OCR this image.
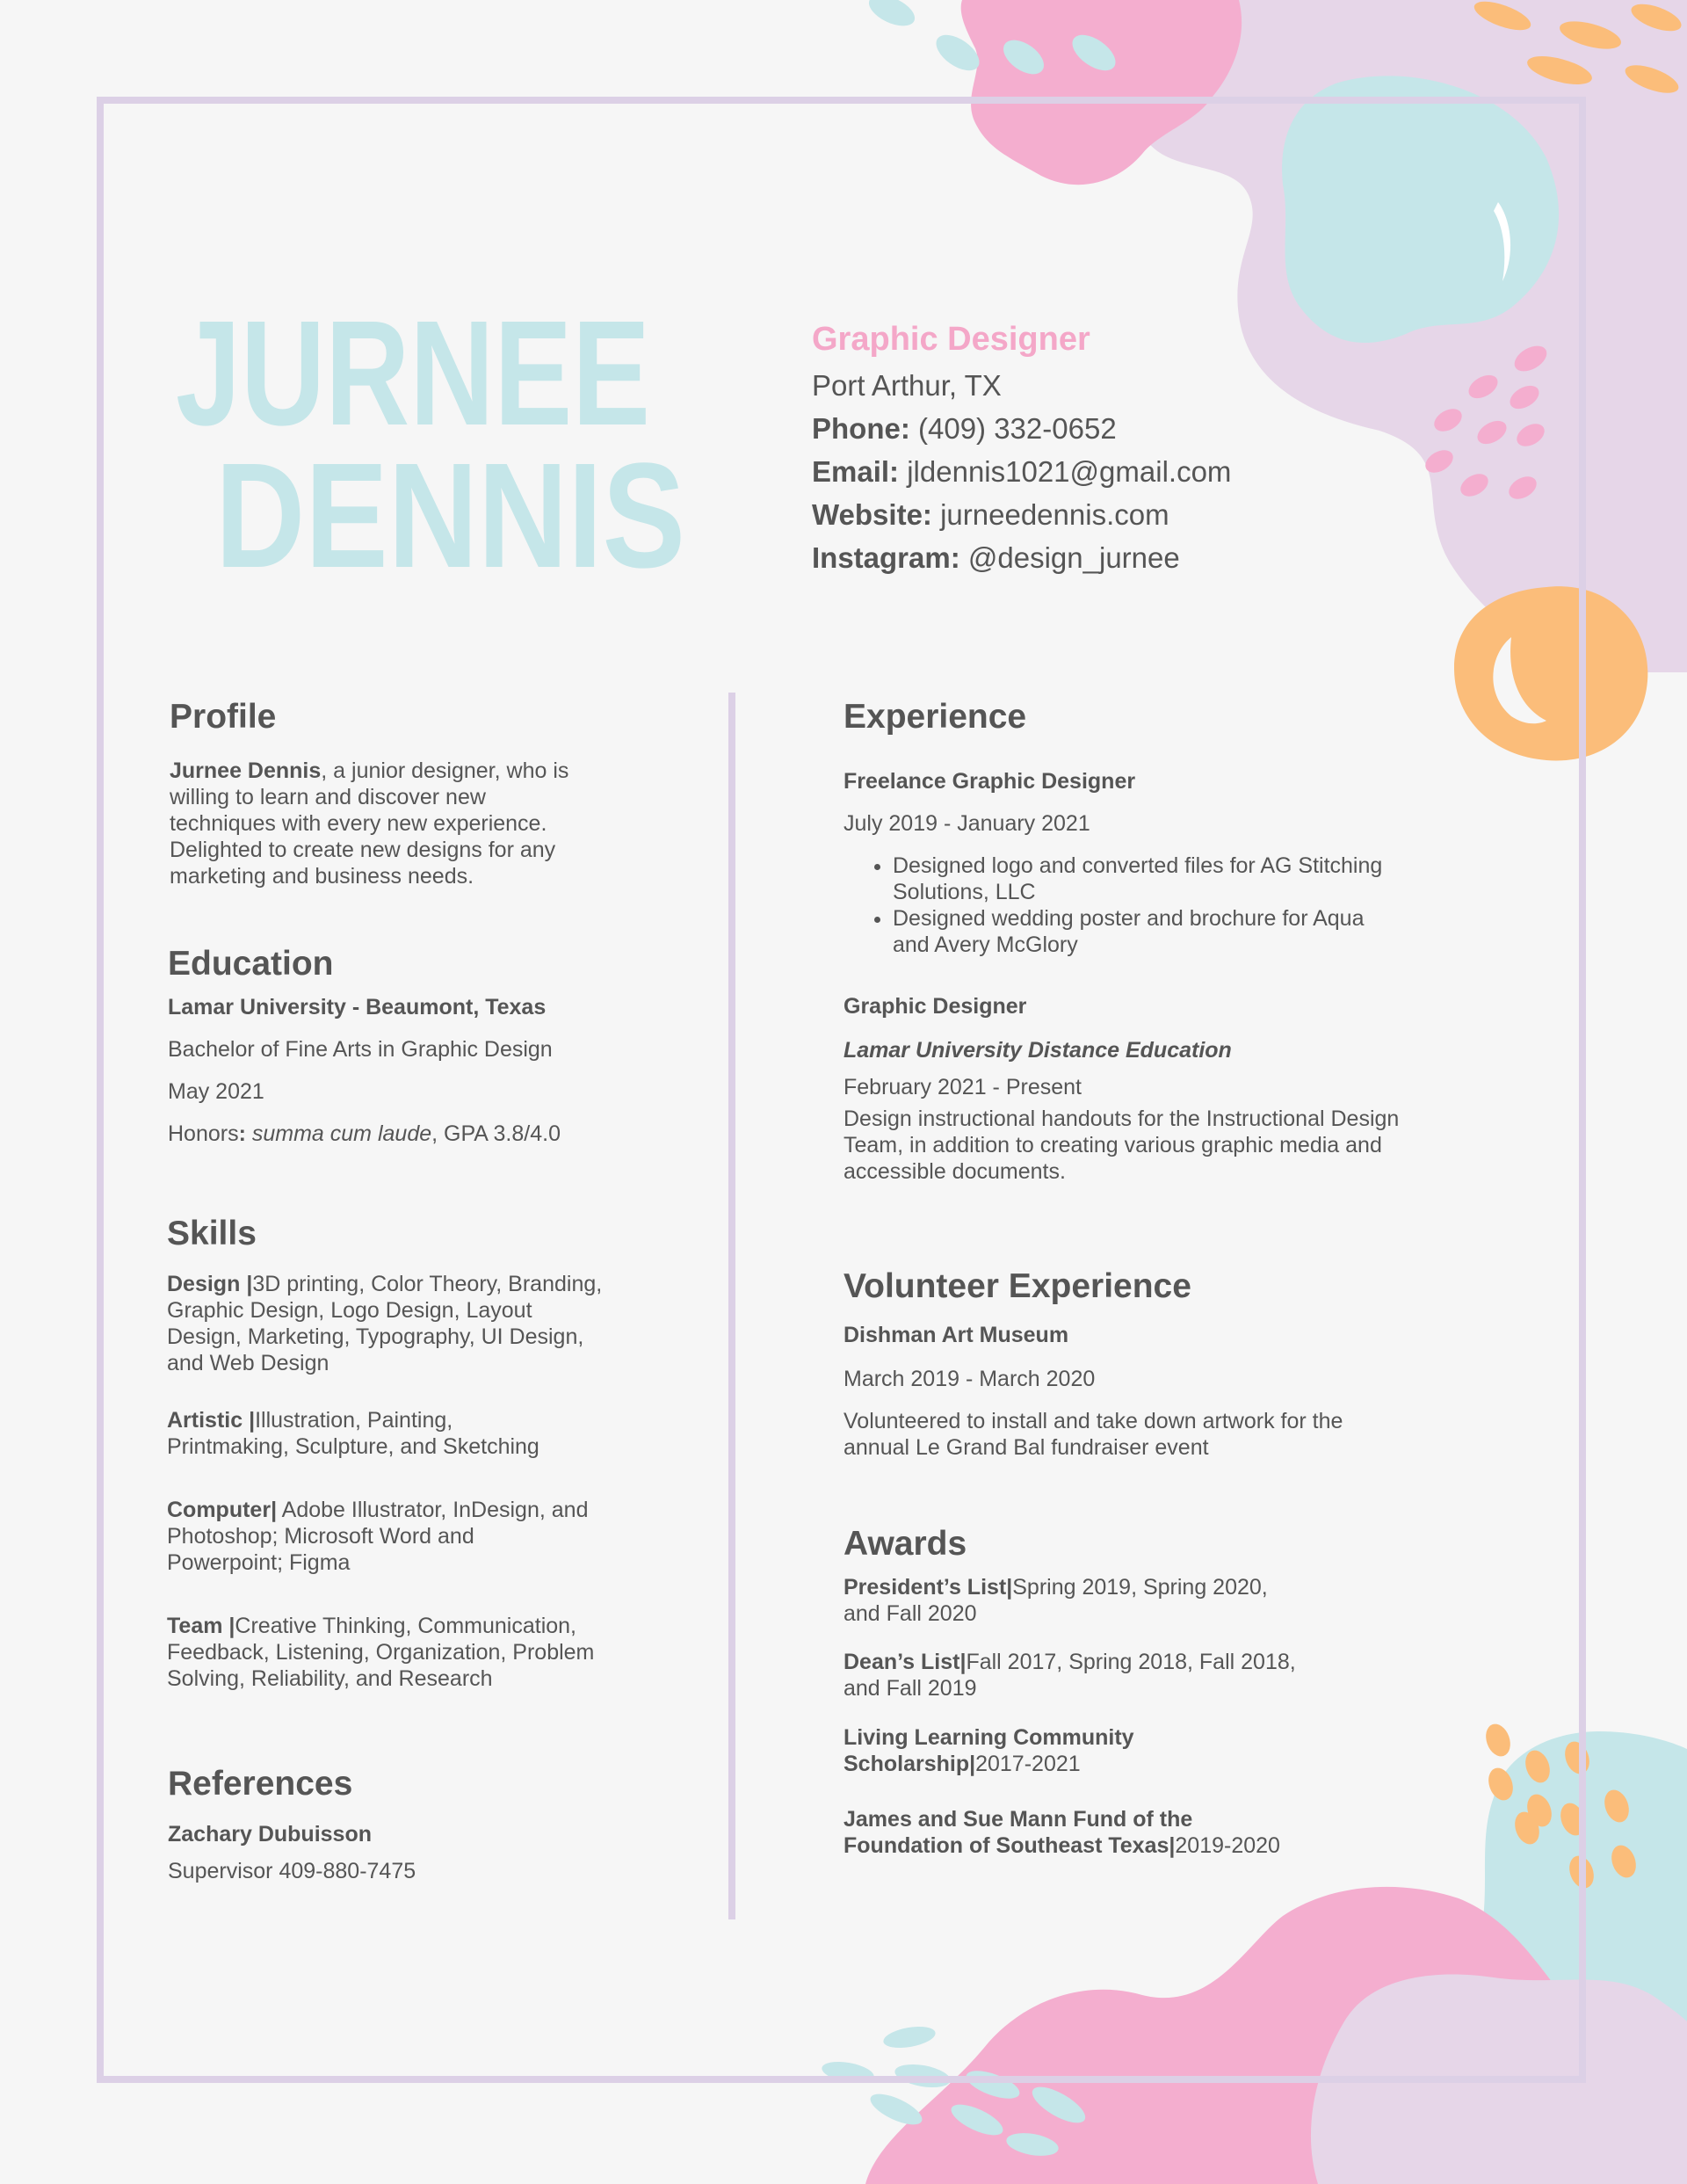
JURNEE
DENNIS
Graphic Designer
Port Arthur, TX
Phone: (409) 332-0652
Email: jldennis1021@gmail.com
Website: jurneedennis.com
Instagram: @design_jurnee
Profile
Jurnee Dennis, a junior designer, who is
willing to learn and discover new
techniques with every new experience.
Delighted to create new designs for any
marketing and business needs.
Education
Lamar University - Beaumont, Texas
Bachelor of Fine Arts in Graphic Design
May 2021
Honors: summa cum laude, GPA 3.8/4.0
Skills
Design |3D printing, Color Theory, Branding,
Graphic Design, Logo Design, Layout
Design, Marketing, Typography, UI Design,
and Web Design
Artistic |Illustration, Painting,
Printmaking, Sculpture, and Sketching
Computer| Adobe Illustrator, InDesign, and
Photoshop; Microsoft Word and
Powerpoint; Figma
Team |Creative Thinking, Communication,
Feedback, Listening, Organization, Problem
Solving, Reliability, and Research
References
Zachary Dubuisson
Supervisor 409-880-7475
Experience
Freelance Graphic Designer
July 2019 - January 2021
• Designed logo and converted files for AG Stitching
Solutions, LLC
• Designed wedding poster and brochure for Aqua
and Avery McGlory
Graphic Designer
Lamar University Distance Education
February 2021 - Present
Design instructional handouts for the Instructional Design
Team, in addition to creating various graphic media and
accessible documents.
Volunteer Experience
Dishman Art Museum
March 2019 - March 2020
Volunteered to install and take down artwork for the
annual Le Grand Bal fundraiser event
Awards
President’s List|Spring 2019, Spring 2020,
and Fall 2020
Dean’s List|Fall 2017, Spring 2018, Fall 2018,
and Fall 2019
Living Learning Community
Scholarship|2017-2021
James and Sue Mann Fund of the
Foundation of Southeast Texas|2019-2020
